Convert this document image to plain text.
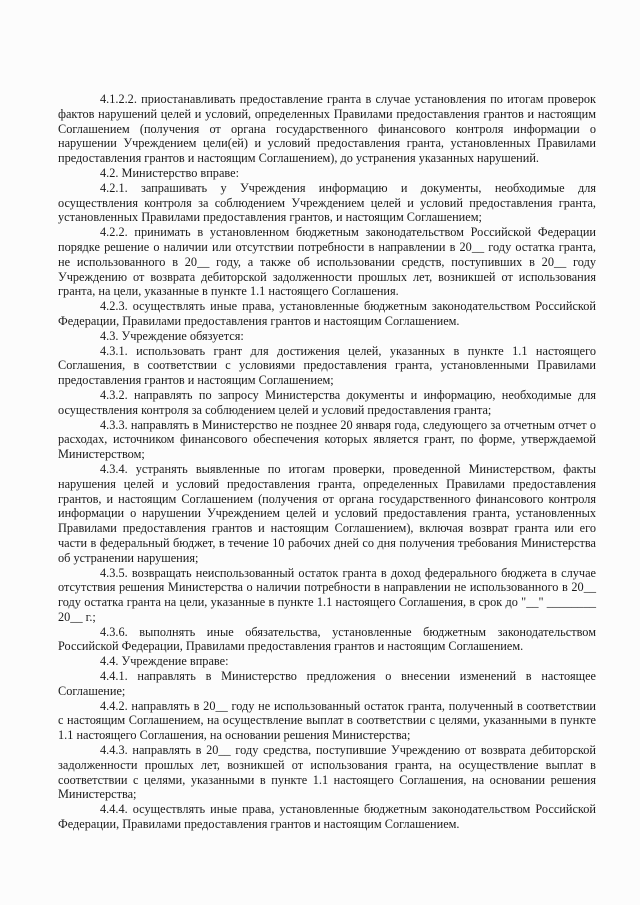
4.1.2.2. приостанавливать предоставление гранта в случае установления по итогам проверок фактов нарушений целей и условий, определенных Правилами предоставления грантов и настоящим Соглашением (получения от органа государственного финансового контроля информации о нарушении Учреждением цели(ей) и условий предоставления гранта, установленных Правилами предоставления грантов и настоящим Соглашением), до устранения указанных нарушений.

4.2. Министерство вправе:

4.2.1. запрашивать у Учреждения информацию и документы, необходимые для осуществления контроля за соблюдением Учреждением целей и условий предоставления гранта, установленных Правилами предоставления грантов, и настоящим Соглашением;

4.2.2. принимать в установленном бюджетным законодательством Российской Федерации порядке решение о наличии или отсутствии потребности в направлении в 20__ году остатка гранта, не использованного в 20__ году, а также об использовании средств, поступивших в 20__ году Учреждению от возврата дебиторской задолженности прошлых лет, возникшей от использования гранта, на цели, указанные в пункте 1.1 настоящего Соглашения.

4.2.3. осуществлять иные права, установленные бюджетным законодательством Российской Федерации, Правилами предоставления грантов и настоящим Соглашением.

4.3. Учреждение обязуется:

4.3.1. использовать грант для достижения целей, указанных в пункте 1.1 настоящего Соглашения, в соответствии с условиями предоставления гранта, установленными Правилами предоставления грантов и настоящим Соглашением;

4.3.2. направлять по запросу Министерства документы и информацию, необходимые для осуществления контроля за соблюдением целей и условий предоставления гранта;

4.3.3. направлять в Министерство не позднее 20 января года, следующего за отчетным отчет о расходах, источником финансового обеспечения которых является грант, по форме, утверждаемой Министерством;

4.3.4. устранять выявленные по итогам проверки, проведенной Министерством, факты нарушения целей и условий предоставления гранта, определенных Правилами предоставления грантов, и настоящим Соглашением (получения от органа государственного финансового контроля информации о нарушении Учреждением целей и условий предоставления гранта, установленных Правилами предоставления грантов и настоящим Соглашением), включая возврат гранта или его части в федеральный бюджет, в течение 10 рабочих дней со дня получения требования Министерства об устранении нарушения;

4.3.5. возвращать неиспользованный остаток гранта в доход федерального бюджета в случае отсутствия решения Министерства о наличии потребности в направлении не использованного в 20__ году остатка гранта на цели, указанные в пункте 1.1 настоящего Соглашения, в срок до "__" ________ 20__ г.;

4.3.6. выполнять иные обязательства, установленные бюджетным законодательством Российской Федерации, Правилами предоставления грантов и настоящим Соглашением.

4.4. Учреждение вправе:

4.4.1. направлять в Министерство предложения о внесении изменений в настоящее Соглашение;

4.4.2. направлять в 20__ году не использованный остаток гранта, полученный в соответствии с настоящим Соглашением, на осуществление выплат в соответствии с целями, указанными в пункте 1.1 настоящего Соглашения, на основании решения Министерства;

4.4.3. направлять в 20__ году средства, поступившие Учреждению от возврата дебиторской задолженности прошлых лет, возникшей от использования гранта, на осуществление выплат в соответствии с целями, указанными в пункте 1.1 настоящего Соглашения, на основании решения Министерства;

4.4.4. осуществлять иные права, установленные бюджетным законодательством Российской Федерации, Правилами предоставления грантов и настоящим Соглашением.
